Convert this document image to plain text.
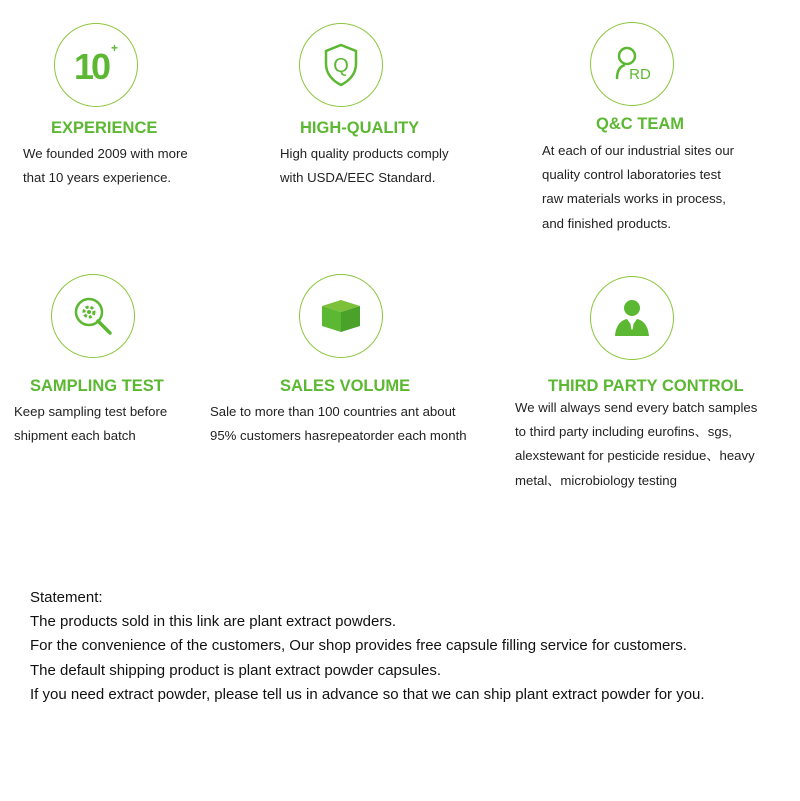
10 +
EXPERIENCE
We founded 2009 with more
that 10 years experience.
Q
HIGH-QUALITY
High quality products comply
with USDA/EEC Standard.
RD
Q&C TEAM
At each of our industrial sites our
quality control laboratories test
raw materials works in process,
and finished products.
SAMPLING TEST
Keep sampling test before
shipment each batch
SALES VOLUME
Sale to more than 100 countries ant about
95% customers hasrepeatorder each month
THIRD PARTY CONTROL
We will always send every batch samples
to third party including eurofins、sgs,
alexstewant for pesticide residue、heavy
metal、microbiology testing
Statement:
The products sold in this link are plant extract powders.
For the convenience of the customers, Our shop provides free capsule filling service for customers.
The default shipping product is plant extract powder capsules.
If you need extract powder, please tell us in advance so that we can ship plant extract powder for you.
